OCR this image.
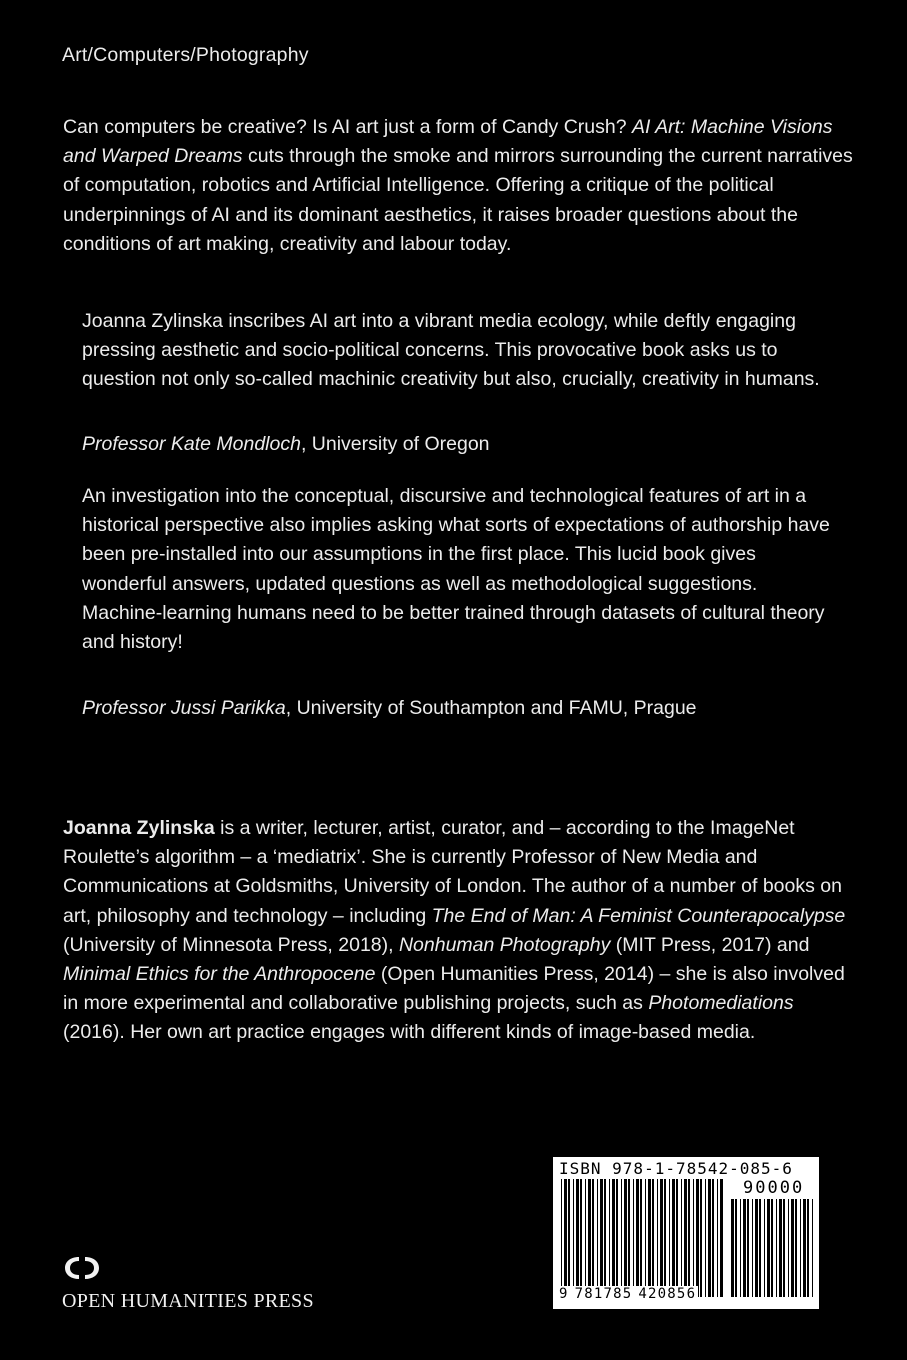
Art/Computers/Photography
Can computers be creative? Is AI art just a form of Candy Crush? AI Art: Machine Visions and Warped Dreams cuts through the smoke and mirrors surrounding the current narratives of computation, robotics and Artificial Intelligence. Offering a critique of the political underpinnings of AI and its dominant aesthetics, it raises broader questions about the conditions of art making, creativity and labour today.
Joanna Zylinska inscribes AI art into a vibrant media ecology, while deftly engaging pressing aesthetic and socio-political concerns. This provocative book asks us to question not only so-called machinic creativity but also, crucially, creativity in humans.
Professor Kate Mondloch, University of Oregon
An investigation into the conceptual, discursive and technological features of art in a historical perspective also implies asking what sorts of expectations of authorship have been pre-installed into our assumptions in the first place. This lucid book gives wonderful answers, updated questions as well as methodological suggestions. Machine-learning humans need to be better trained through datasets of cultural theory and history!
Professor Jussi Parikka, University of Southampton and FAMU, Prague
Joanna Zylinska is a writer, lecturer, artist, curator, and – according to the ImageNet Roulette’s algorithm – a ‘mediatrix’. She is currently Professor of New Media and Communications at Goldsmiths, University of London. The author of a number of books on art, philosophy and technology – including The End of Man: A Feminist Counterapocalypse (University of Minnesota Press, 2018), Nonhuman Photography (MIT Press, 2017) and Minimal Ethics for the Anthropocene (Open Humanities Press, 2014) – she is also involved in more experimental and collaborative publishing projects, such as Photomediations (2016). Her own art practice engages with different kinds of image-based media.
OPEN HUMANITIES PRESS
ISBN 978-1-78542-085-6
90000
9 781785 420856
